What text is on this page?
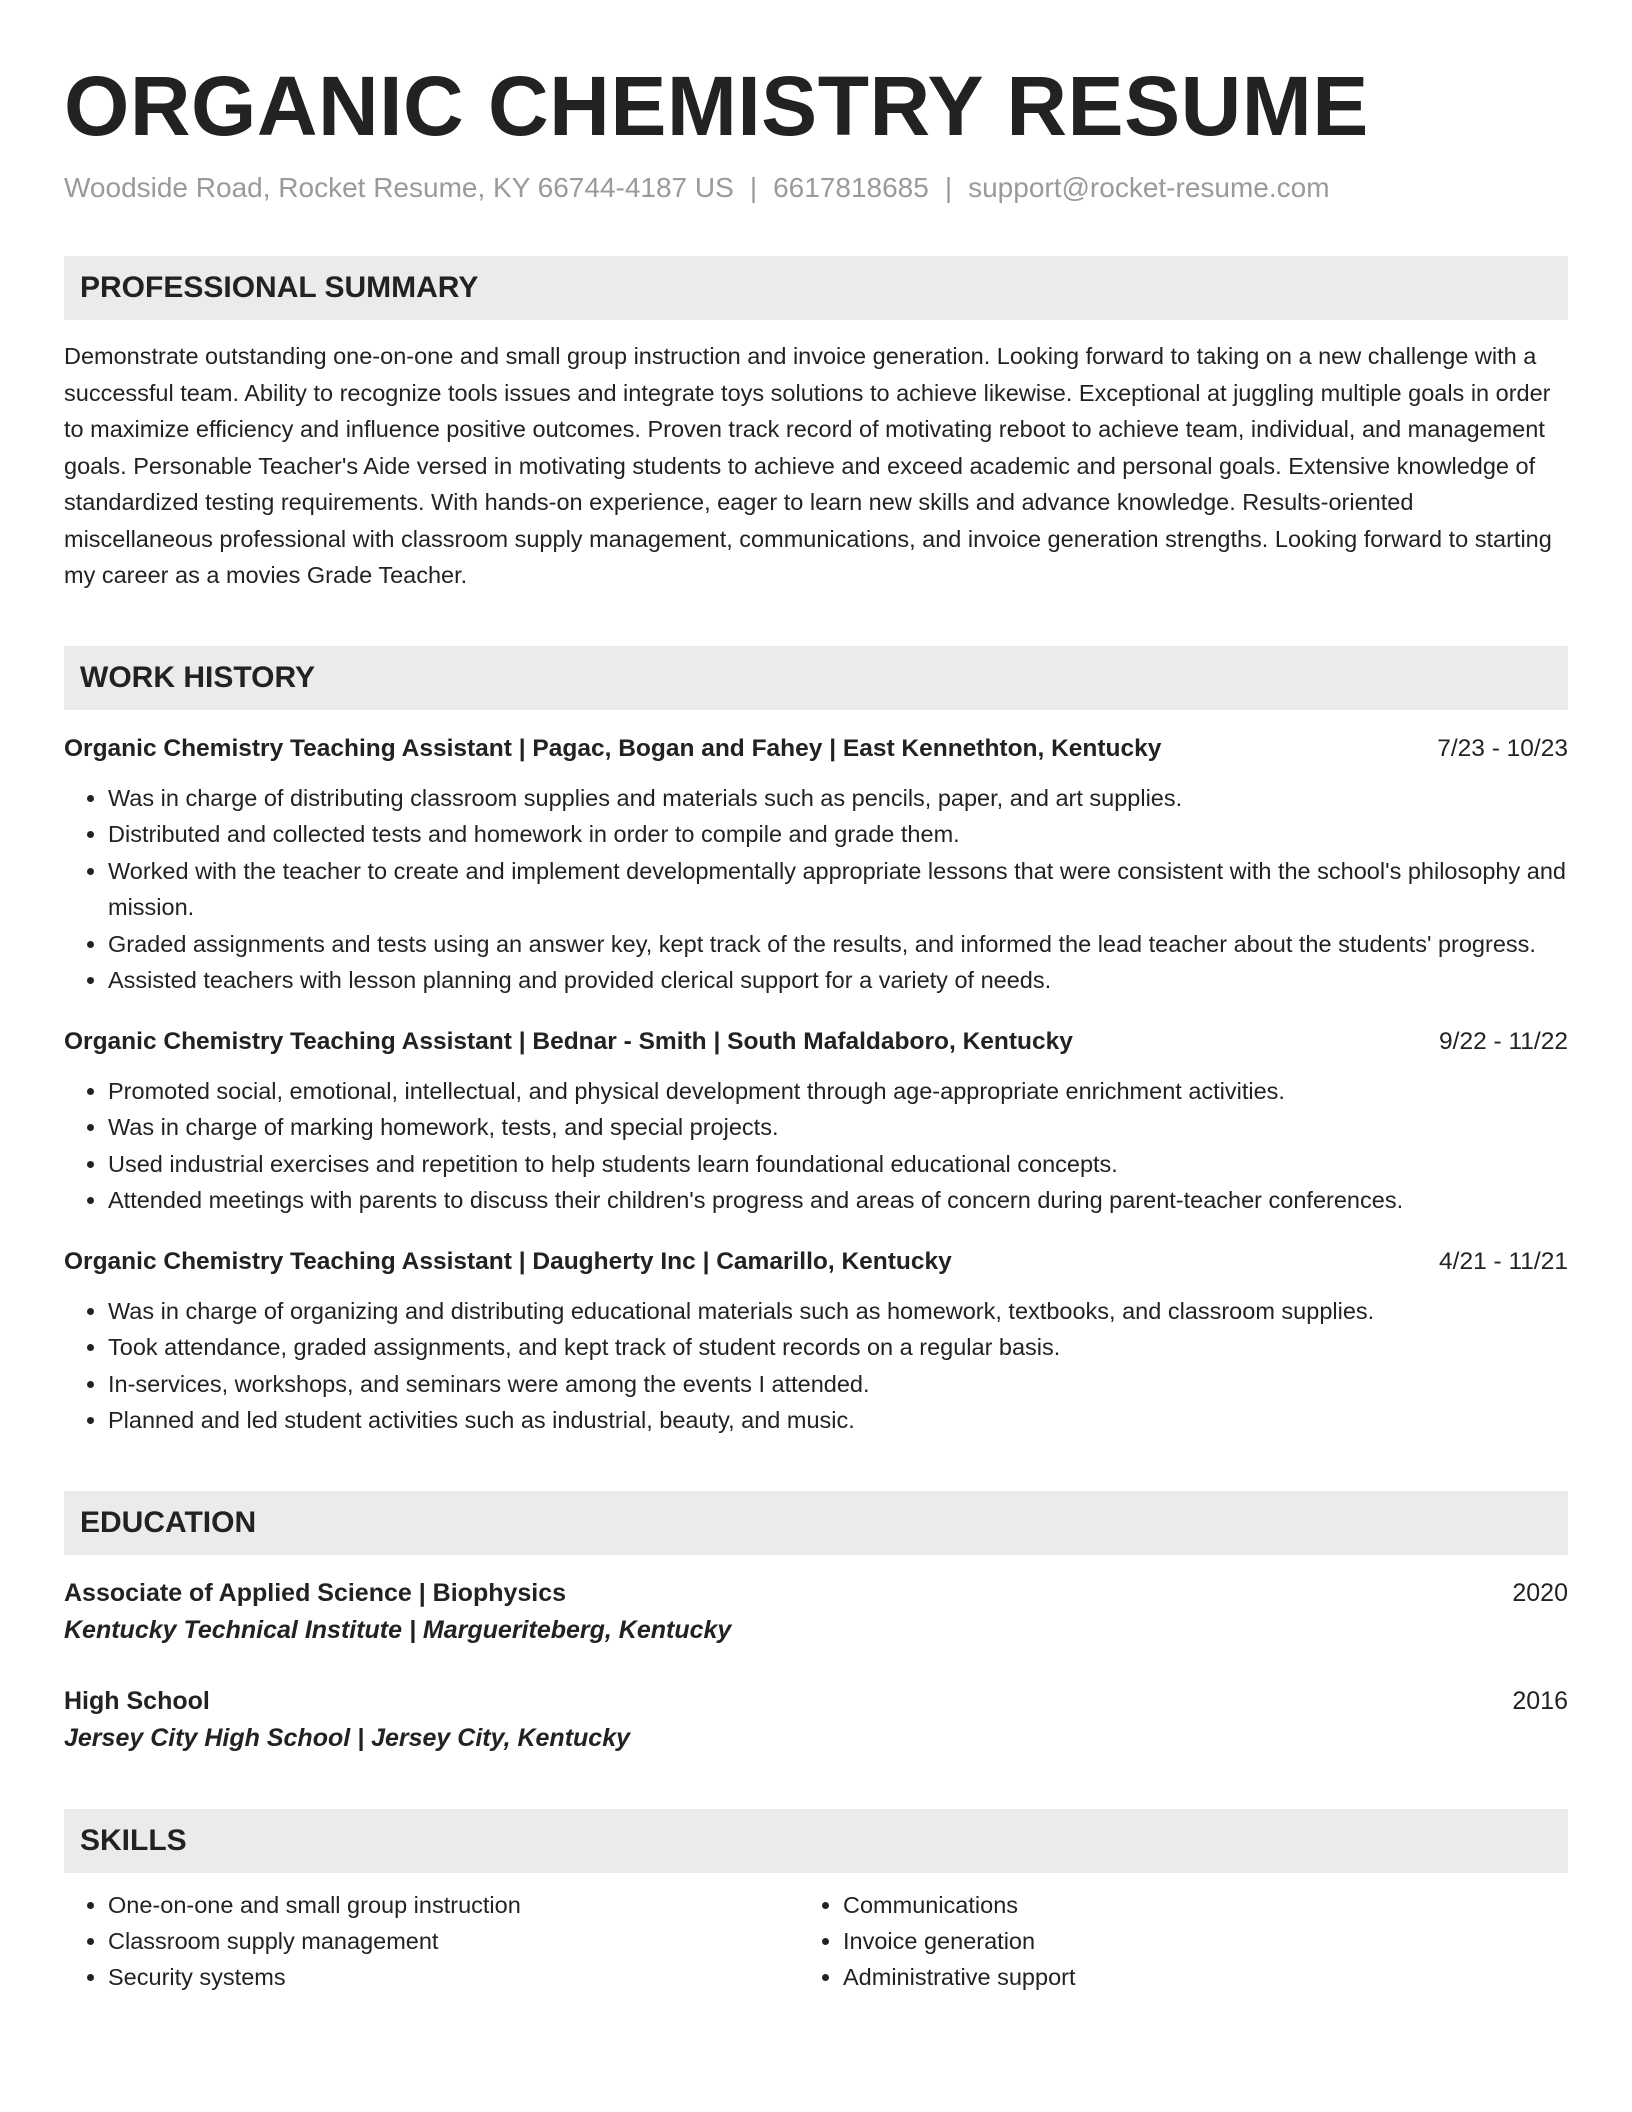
ORGANIC CHEMISTRY RESUME
Woodside Road, Rocket Resume, KY 66744-4187 US | 6617818685 | support@rocket-resume.com
PROFESSIONAL SUMMARY
Demonstrate outstanding one-on-one and small group instruction and invoice generation. Looking forward to taking on a new challenge with a successful team. Ability to recognize tools issues and integrate toys solutions to achieve likewise. Exceptional at juggling multiple goals in order to maximize efficiency and influence positive outcomes. Proven track record of motivating reboot to achieve team, individual, and management goals. Personable Teacher's Aide versed in motivating students to achieve and exceed academic and personal goals. Extensive knowledge of standardized testing requirements. With hands-on experience, eager to learn new skills and advance knowledge. Results-oriented miscellaneous professional with classroom supply management, communications, and invoice generation strengths. Looking forward to starting my career as a movies Grade Teacher.
WORK HISTORY
Organic Chemistry Teaching Assistant | Pagac, Bogan and Fahey | East Kennethton, Kentucky	7/23 - 10/23
• Was in charge of distributing classroom supplies and materials such as pencils, paper, and art supplies.
• Distributed and collected tests and homework in order to compile and grade them.
• Worked with the teacher to create and implement developmentally appropriate lessons that were consistent with the school's philosophy and mission.
• Graded assignments and tests using an answer key, kept track of the results, and informed the lead teacher about the students' progress.
• Assisted teachers with lesson planning and provided clerical support for a variety of needs.
Organic Chemistry Teaching Assistant | Bednar - Smith | South Mafaldaboro, Kentucky	9/22 - 11/22
• Promoted social, emotional, intellectual, and physical development through age-appropriate enrichment activities.
• Was in charge of marking homework, tests, and special projects.
• Used industrial exercises and repetition to help students learn foundational educational concepts.
• Attended meetings with parents to discuss their children's progress and areas of concern during parent-teacher conferences.
Organic Chemistry Teaching Assistant | Daugherty Inc | Camarillo, Kentucky	4/21 - 11/21
• Was in charge of organizing and distributing educational materials such as homework, textbooks, and classroom supplies.
• Took attendance, graded assignments, and kept track of student records on a regular basis.
• In-services, workshops, and seminars were among the events I attended.
• Planned and led student activities such as industrial, beauty, and music.
EDUCATION
Associate of Applied Science | Biophysics	2020
Kentucky Technical Institute | Margueriteberg, Kentucky
High School	2016
Jersey City High School | Jersey City, Kentucky
SKILLS
• One-on-one and small group instruction
• Classroom supply management
• Security systems
• Communications
• Invoice generation
• Administrative support
